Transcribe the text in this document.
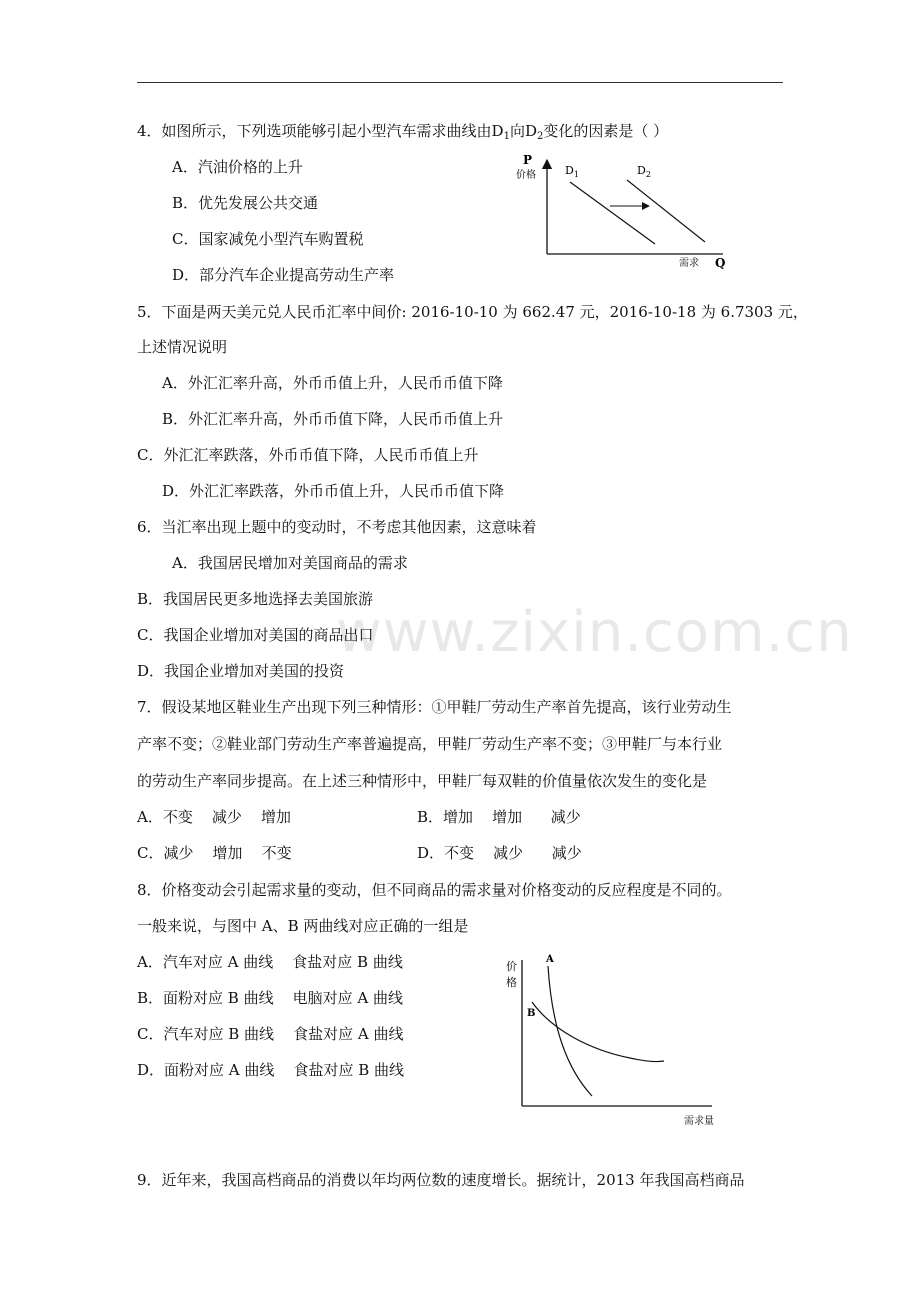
www.zixin.com.cn
4．如图所示，下列选项能够引起小型汽车需求曲线由$D_1$向$D_2$变化的因素是（ ）
A．汽油价格的上升
B．优先发展公共交通
C．国家减免小型汽车购置税
D．部分汽车企业提高劳动生产率
P
价格	$D_1$	$D_2$
需求 Q
5．下面是两天美元兑人民币汇率中间价: 2016-10-10 为 662.47 元，2016-10-18 为 6.7303 元，
上述情况说明
A．外汇汇率升高，外币币值上升，人民币币值下降
B．外汇汇率升高，外币币值下降，人民币币值上升
C．外汇汇率跌落，外币币值下降，人民币币值上升
D．外汇汇率跌落，外币币值上升，人民币币值下降
6．当汇率出现上题中的变动时，不考虑其他因素，这意味着
A．我国居民增加对美国商品的需求
B．我国居民更多地选择去美国旅游
C．我国企业增加对美国的商品出口
D．我国企业增加对美国的投资
7．假设某地区鞋业生产出现下列三种情形：①甲鞋厂劳动生产率首先提高，该行业劳动生
产率不变；②鞋业部门劳动生产率普遍提高，甲鞋厂劳动生产率不变；③甲鞋厂与本行业
的劳动生产率同步提高。在上述三种情形中，甲鞋厂每双鞋的价值量依次发生的变化是
A．不变    减少    增加	B．增加    增加      减少
C．减少    增加    不变	D．不变    减少      减少
8．价格变动会引起需求量的变动，但不同商品的需求量对价格变动的反应程度是不同的。
一般来说，与图中 A、B 两曲线对应正确的一组是
A．汽车对应 A 曲线    食盐对应 B 曲线
B．面粉对应 B 曲线    电脑对应 A 曲线
C．汽车对应 B 曲线    食盐对应 A 曲线
D．面粉对应 A 曲线    食盐对应 B 曲线
价
格
A
B
需求量
9．近年来，我国高档商品的消费以年均两位数的速度增长。据统计，2013 年我国高档商品
